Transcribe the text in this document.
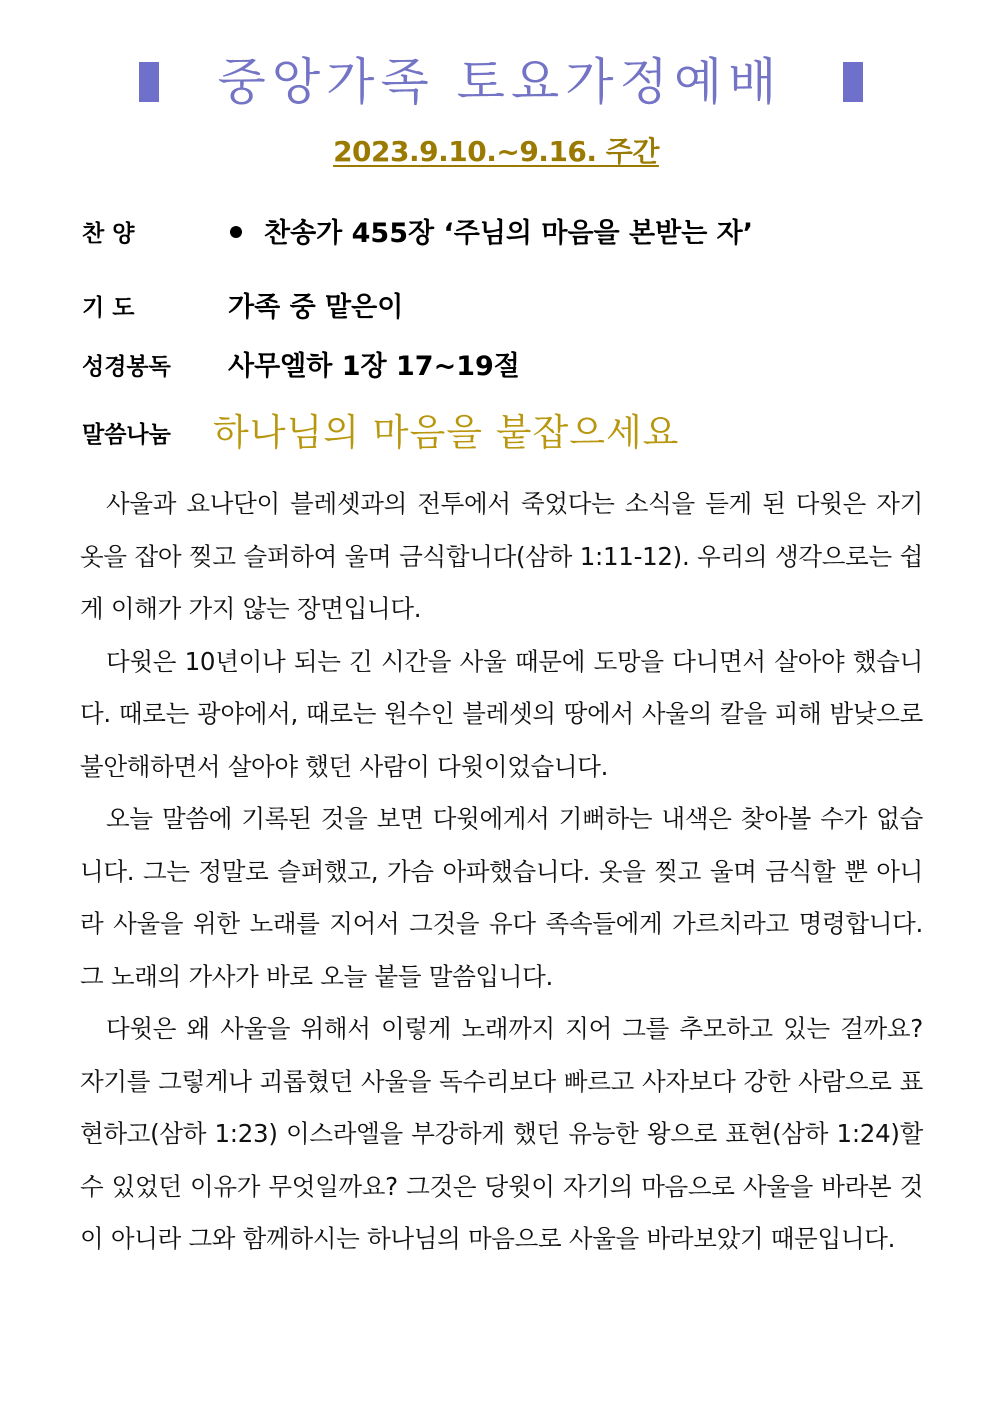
중앙가족 토요가정예배
2023.9.10.~9.16. 주간
찬 양	찬송가 455장 ‘주님의 마음을 본받는 자’
기 도	가족 중 맡은이
성경봉독 사무엘하 1장 17~19절
말씀나눔 하나님의 마음을 붙잡으세요

사울과 요나단이 블레셋과의 전투에서 죽었다는 소식을 듣게 된 다윗은 자기 옷을 잡아 찢고 슬퍼하여 울며 금식합니다(삼하 1:11-12). 우리의 생각으로는 쉽게 이해가 가지 않는 장면입니다.

다윗은 10년이나 되는 긴 시간을 사울 때문에 도망을 다니면서 살아야 했습니다. 때로는 광야에서, 때로는 원수인 블레셋의 땅에서 사울의 칼을 피해 밤낮으로 불안해하면서 살아야 했던 사람이 다윗이었습니다.

오늘 말씀에 기록된 것을 보면 다윗에게서 기뻐하는 내색은 찾아볼 수가 없습니다. 그는 정말로 슬퍼했고, 가슴 아파했습니다. 옷을 찢고 울며 금식할 뿐 아니라 사울을 위한 노래를 지어서 그것을 유다 족속들에게 가르치라고 명령합니다. 그 노래의 가사가 바로 오늘 붙들 말씀입니다.

다윗은 왜 사울을 위해서 이렇게 노래까지 지어 그를 추모하고 있는 걸까요? 자기를 그렇게나 괴롭혔던 사울을 독수리보다 빠르고 사자보다 강한 사람으로 표현하고(삼하 1:23) 이스라엘을 부강하게 했던 유능한 왕으로 표현(삼하 1:24)할 수 있었던 이유가 무엇일까요? 그것은 당윗이 자기의 마음으로 사울을 바라본 것이 아니라 그와 함께하시는 하나님의 마음으로 사울을 바라보았기 때문입니다.
